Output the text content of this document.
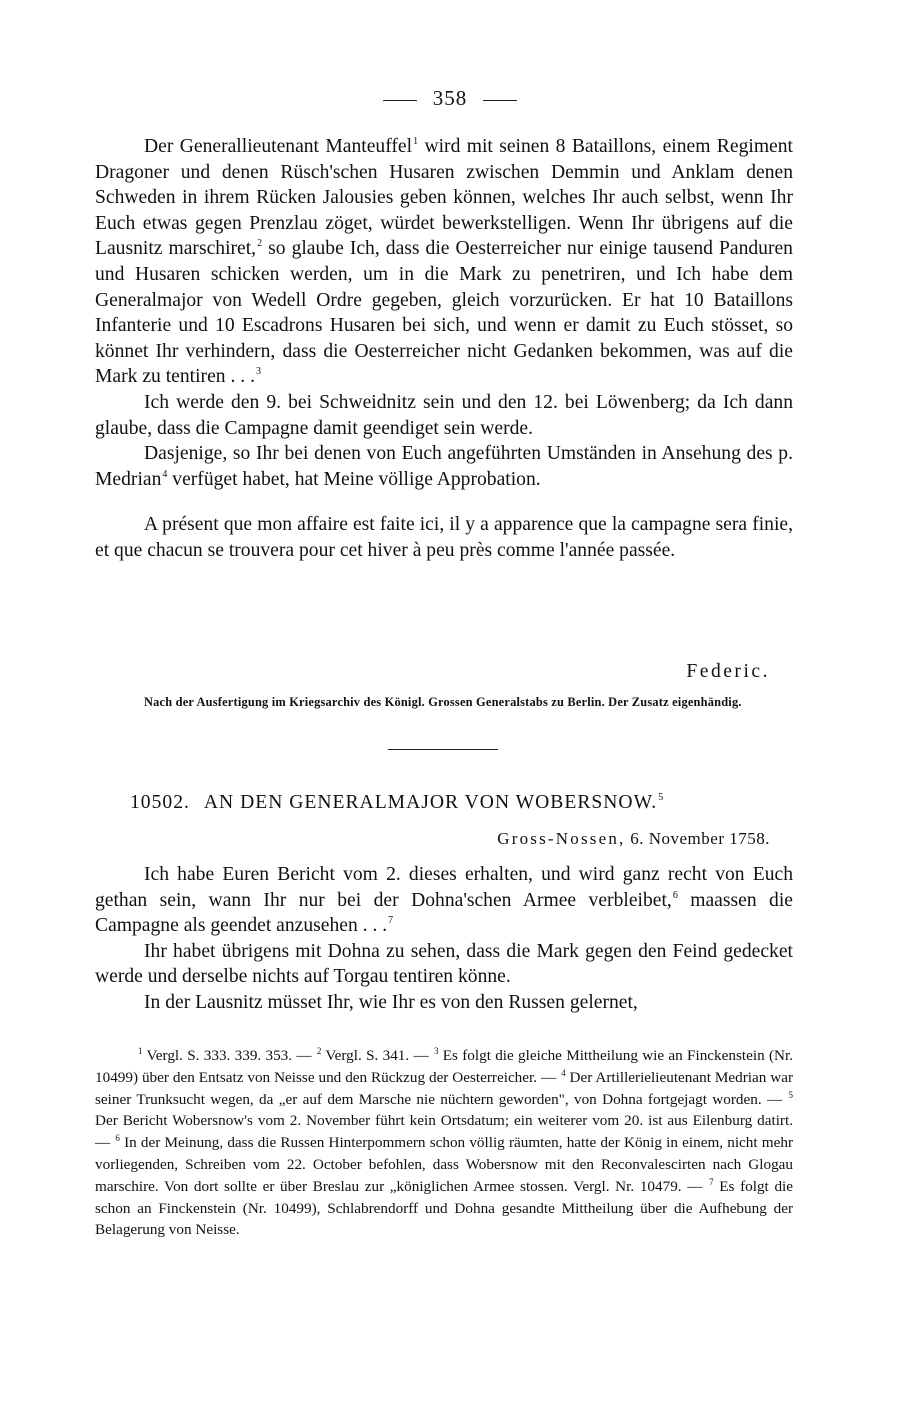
358

Der Generallieutenant Manteuffel$^1$ wird mit seinen 8 Bataillons, einem Regiment Dragoner und denen Rüsch'schen Husaren zwischen Demmin und Anklam denen Schweden in ihrem Rücken Jalousies geben können, welches Ihr auch selbst, wenn Ihr Euch etwas gegen Prenzlau zöget, würdet bewerkstelligen. Wenn Ihr übrigens auf die Lausnitz marschiret,$^2$ so glaube Ich, dass die Oesterreicher nur einige tausend Panduren und Husaren schicken werden, um in die Mark zu penetriren, und Ich habe dem Generalmajor von Wedell Ordre gegeben, gleich vorzurücken. Er hat 10 Bataillons Infanterie und 10 Escadrons Husaren bei sich, und wenn er damit zu Euch stösset, so könnet Ihr verhindern, dass die Oesterreicher nicht Gedanken bekommen, was auf die Mark zu tentiren . . .$^3$

Ich werde den 9. bei Schweidnitz sein und den 12. bei Löwenberg; da Ich dann glaube, dass die Campagne damit geendiget sein werde.

Dasjenige, so Ihr bei denen von Euch angeführten Umständen in Ansehung des p. Medrian$^4$ verfüget habet, hat Meine völlige Approbation.

A présent que mon affaire est faite ici, il y a apparence que la campagne sera finie, et que chacun se trouvera pour cet hiver à peu près comme l'année passée.

Federic.
Nach der Ausfertigung im Kriegsarchiv des Königl. Grossen Generalstabs zu Berlin. Der Zusatz eigenhändig.
10502. AN DEN GENERALMAJOR VON WOBERSNOW.$^5$
Gross-Nossen, 6. November 1758.

Ich habe Euren Bericht vom 2. dieses erhalten, und wird ganz recht von Euch gethan sein, wann Ihr nur bei der Dohna'schen Armee verbleibet,$^6$ maassen die Campagne als geendet anzusehen . . .$^7$

Ihr habet übrigens mit Dohna zu sehen, dass die Mark gegen den Feind gedecket werde und derselbe nichts auf Torgau tentiren könne.

In der Lausnitz müsset Ihr, wie Ihr es von den Russen gelernet,

$^1$ Vergl. S. 333. 339. 353. — $^2$ Vergl. S. 341. — $^3$ Es folgt die gleiche Mittheilung wie an Finckenstein (Nr. 10499) über den Entsatz von Neisse und den Rückzug der Oesterreicher. — $^4$ Der Artillerielieutenant Medrian war seiner Trunksucht wegen, da „er auf dem Marsche nie nüchtern geworden", von Dohna fortgejagt worden. — $^5$ Der Bericht Wobersnow's vom 2. November führt kein Ortsdatum; ein weiterer vom 20. ist aus Eilenburg datirt. — $^6$ In der Meinung, dass die Russen Hinterpommern schon völlig räumten, hatte der König in einem, nicht mehr vorliegenden, Schreiben vom 22. October befohlen, dass Wobersnow mit den Reconvalescirten nach Glogau marschire. Von dort sollte er über Breslau zur „königlichen Armee stossen. Vergl. Nr. 10479. — $^7$ Es folgt die schon an Finckenstein (Nr. 10499), Schlabrendorff und Dohna gesandte Mittheilung über die Aufhebung der Belagerung von Neisse.
